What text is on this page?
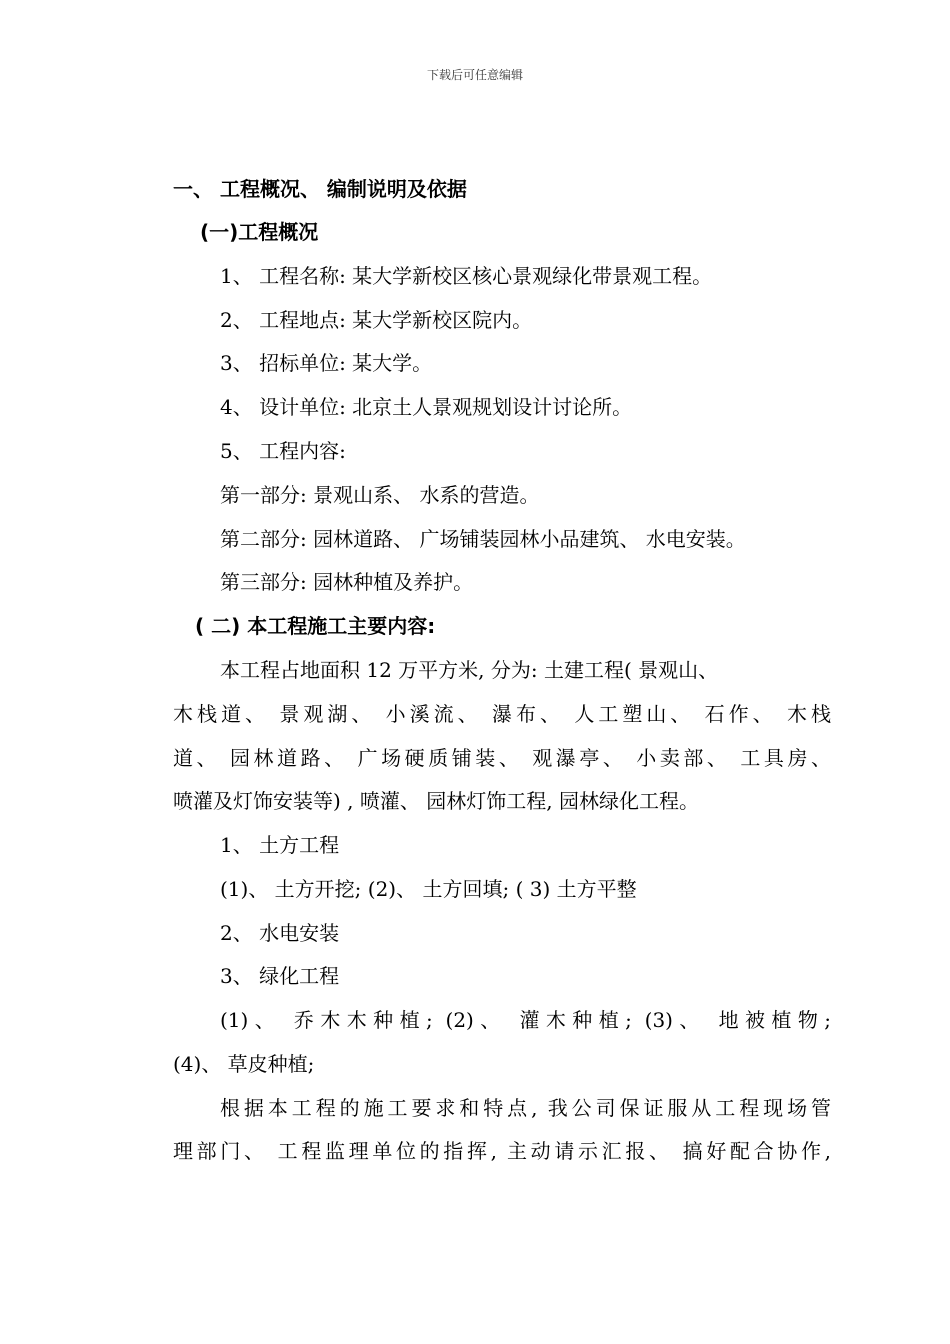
下载后可任意编辑
一、 工程概况、 编制说明及依据
(一)工程概况
1、 工程名称: 某大学新校区核心景观绿化带景观工程。
2、 工程地点: 某大学新校区院内。
3、 招标单位: 某大学。
4、 设计单位: 北京土人景观规划设计讨论所。
5、 工程内容:
第一部分: 景观山系、 水系的营造。
第二部分: 园林道路、 广场铺装园林小品建筑、 水电安装。
第三部分: 园林种植及养护。
( 二) 本工程施工主要内容:
本工程占地面积 12 万平方米, 分为: 土建工程( 景观山、
木栈道、 景观湖、 小溪流、 瀑布、 人工塑山、 石作、 木栈
道、 园林道路、 广场硬质铺装、 观瀑亭、 小卖部、 工具房、
喷灌及灯饰安装等) , 喷灌、 园林灯饰工程, 园林绿化工程。
1、 土方工程
(1)、 土方开挖; (2)、 土方回填; ( 3) 土方平整
2、 水电安装
3、 绿化工程
(1)、 乔木木种植; (2)、 灌木种植; (3)、 地被植物;
(4)、 草皮种植;
根据本工程的施工要求和特点, 我公司保证服从工程现场管
理部门、 工程监理单位的指挥, 主动请示汇报、 搞好配合协作,
